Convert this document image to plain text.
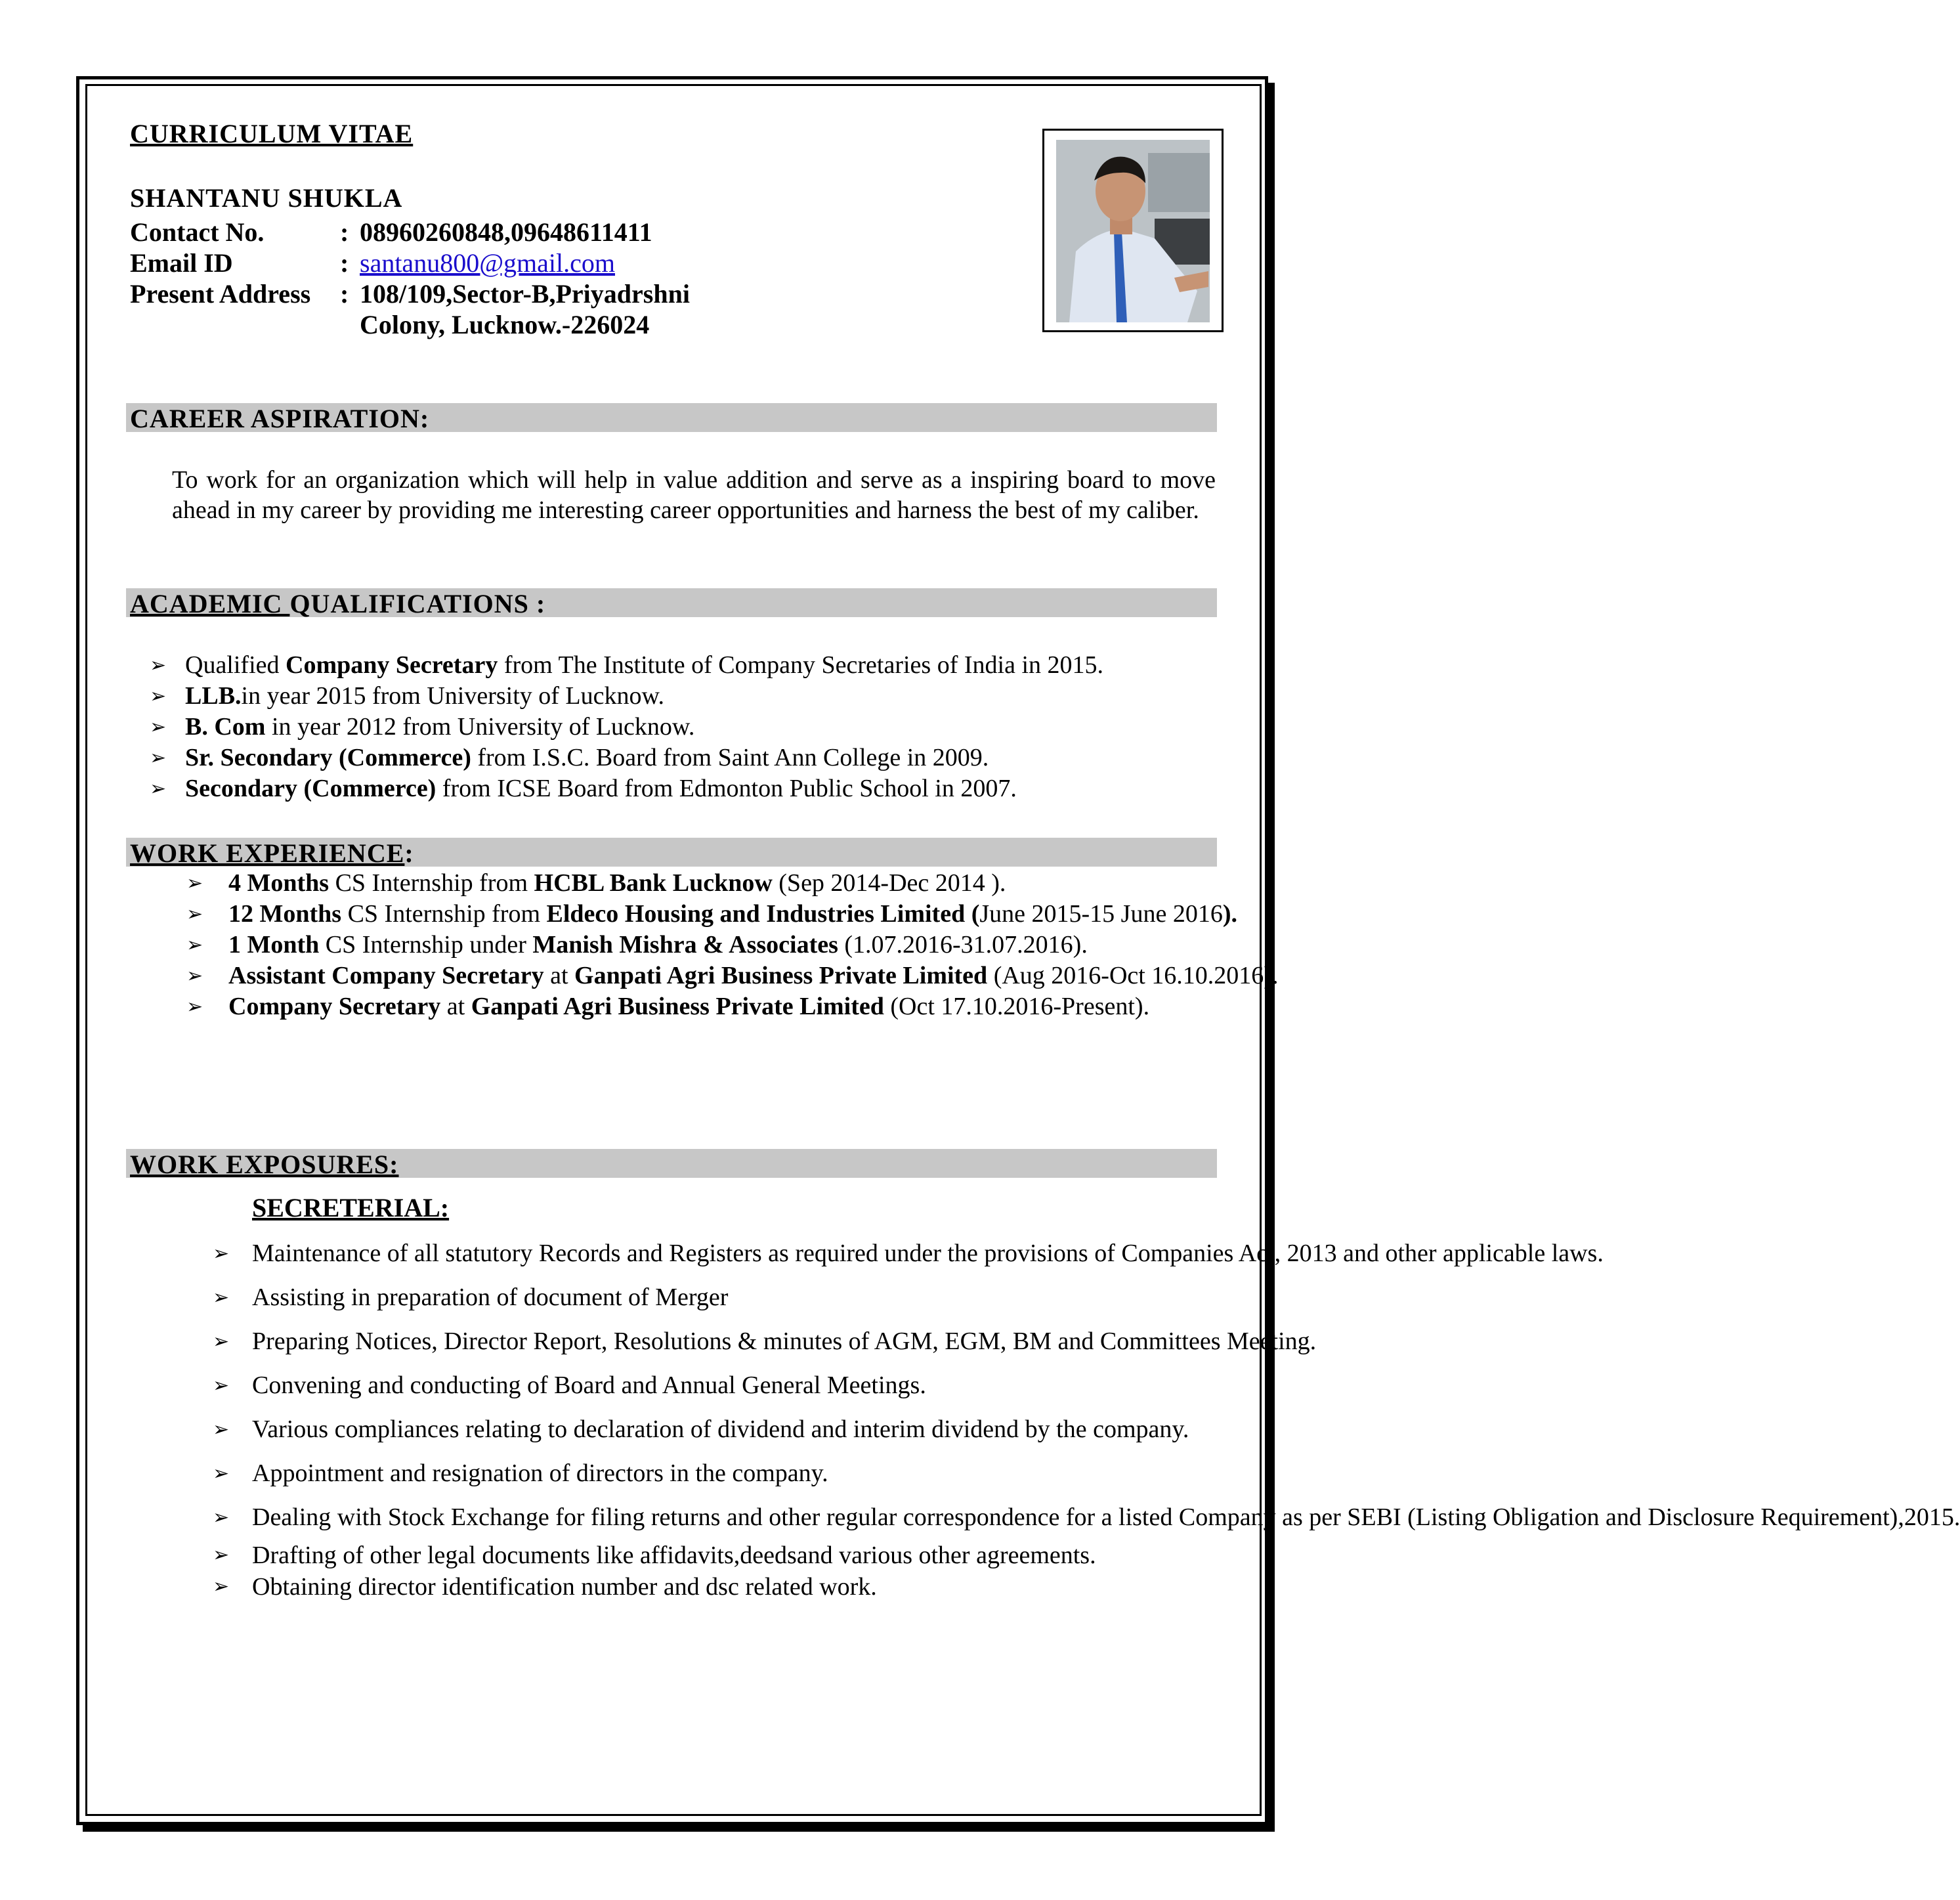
CURRICULUM VITAE
SHANTANU SHUKLA
Contact No.	: 08960260848,09648611411
Email ID	: santanu800@gmail.com
Present Address : 108/109,Sector-B,Priyadrshni
Colony, Lucknow.-226024
CAREER ASPIRATION:
To work for an organization which will help in value addition and serve as a inspiring board to move ahead in my career by providing me interesting career opportunities and harness the best of my caliber.
ACADEMIC QUALIFICATIONS :
➢ Qualified Company Secretary from The Institute of Company Secretaries of India in 2015.
➢ LLB.in year 2015 from University of Lucknow.
➢ B. Com in year 2012 from University of Lucknow.
➢ Sr. Secondary (Commerce) from I.S.C. Board from Saint Ann College in 2009.
➢ Secondary (Commerce) from ICSE Board from Edmonton Public School in 2007.
WORK EXPERIENCE:
➢ 4 Months CS Internship from HCBL Bank Lucknow (Sep 2014-Dec 2014 ).
➢ 12 Months CS Internship from Eldeco Housing and Industries Limited (June 2015-15 June 2016).
➢ 1 Month CS Internship under Manish Mishra & Associates (1.07.2016-31.07.2016).
➢ Assistant Company Secretary at Ganpati Agri Business Private Limited (Aug 2016-Oct 16.10.2016).
➢ Company Secretary at Ganpati Agri Business Private Limited (Oct 17.10.2016-Present).
WORK EXPOSURES:
SECRETERIAL:
➢ Maintenance of all statutory Records and Registers as required under the provisions of Companies Act, 2013 and other applicable laws.
➢ Assisting in preparation of document of Merger
➢ Preparing Notices, Director Report, Resolutions & minutes of AGM, EGM, BM and Committees Meeting.
➢ Convening and conducting of Board and Annual General Meetings.
➢ Various compliances relating to declaration of dividend and interim dividend by the company.
➢ Appointment and resignation of directors in the company.
➢ Dealing with Stock Exchange for filing returns and other regular correspondence for a listed Company as per SEBI (Listing Obligation and Disclosure Requirement),2015.
➢ Drafting of other legal documents like affidavits,deedsand various other agreements.
➢ Obtaining director identification number and dsc related work.
